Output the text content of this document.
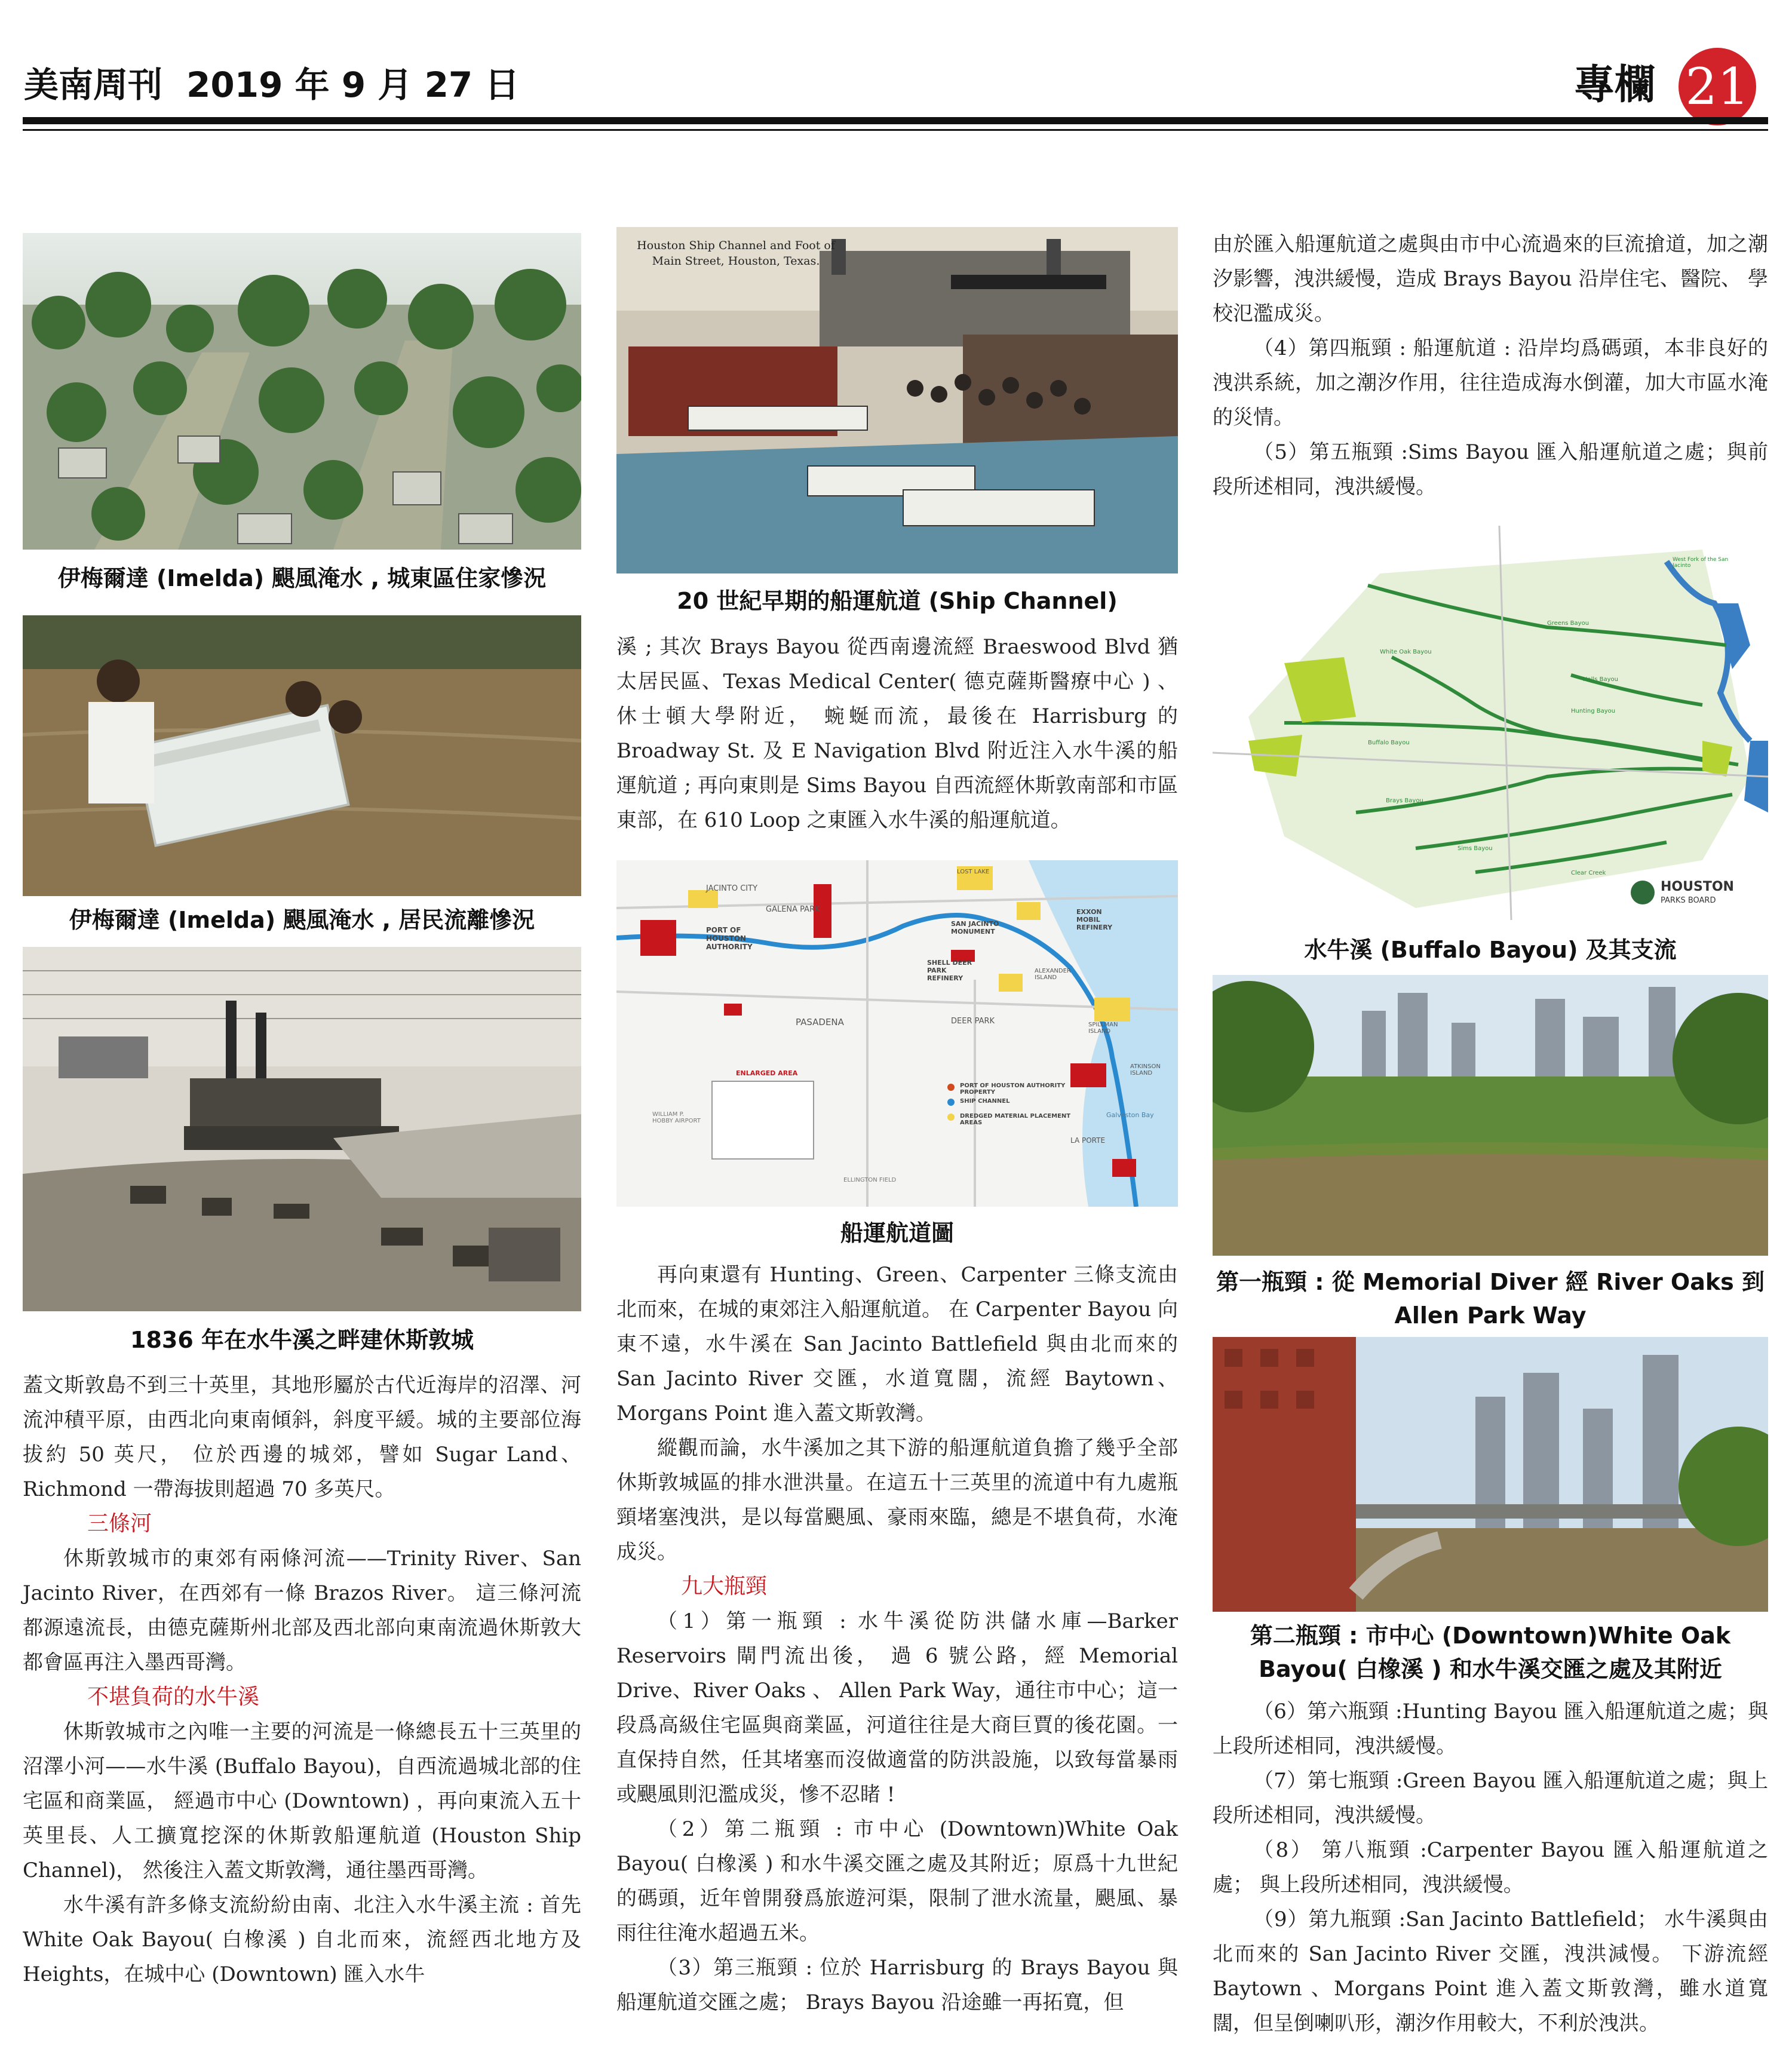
美南周刊 2019 年 9 月 27 日	專欄 21
伊梅爾達 (Imelda) 颶風淹水 , 城東區住家慘況
伊梅爾達 (Imelda) 颶風淹水 , 居民流離慘況
1836 年在水牛溪之畔建休斯敦城

蓋文斯敦島不到三十英里，其地形屬於古代近海岸的沼澤、河流沖積平原，由西北向東南傾斜，斜度平緩。城的主要部位海拔約 50 英尺， 位於西邊的城郊，譬如 Sugar Land、Richmond 一帶海拔則超過 70 多英尺。

三條河

休斯敦城市的東郊有兩條河流——Trinity River、San Jacinto River，在西郊有一條 Brazos River。 這三條河流都源遠流長，由德克薩斯州北部及西北部向東南流過休斯敦大都會區再注入墨西哥灣。

不堪負荷的水牛溪

休斯敦城市之內唯一主要的河流是一條總長五十三英里的沼澤小河——水牛溪 (Buffalo Bayou)，自西流過城北部的住宅區和商業區， 經過市中心 (Downtown) ，再向東流入五十英里長、人工擴寬挖深的休斯敦船運航道 (Houston Ship Channel)， 然後注入蓋文斯敦灣，通往墨西哥灣。

水牛溪有許多條支流紛紛由南、北注入水牛溪主流 : 首先 White Oak Bayou( 白橡溪 ) 自北而來，流經西北地方及 Heights，在城中心 (Downtown) 匯入水牛

Houston Ship Channel and Foot of Main Street, Houston, Texas.
20 世紀早期的船運航道 (Ship Channel)

溪 ; 其次 Brays Bayou 從西南邊流經 Braeswood Blvd 猶太居民區、Texas Medical Center( 德克薩斯醫療中心 ) 、休士頓大學附近， 蜿蜒而流，最後在 Harrisburg 的 Broadway St. 及 E Navigation Blvd 附近注入水牛溪的船運航道 ; 再向東則是 Sims Bayou 自西流經休斯敦南部和市區東部，在 610 Loop 之東匯入水牛溪的船運航道。

JACINTO CITY
GALENA PARK
PORT OF HOUSTON AUTHORITY
PASADENA	DEER PARK
SHELL DEER PARK REFINERY
SAN JACINTO MONUMENT
EXXON MOBIL REFINERY
LOST LAKE
ALEXANDER ISLAND
SPILLMAN ISLAND
ATKINSON ISLAND
LA PORTE
Galveston Bay
ENLARGED AREA
WILLIAM P. HOBBY AIRPORT
ELLINGTON FIELD
PORT OF HOUSTON AUTHORITY PROPERTY
SHIP CHANNEL
DREDGED MATERIAL PLACEMENT AREAS
船運航道圖

再向東還有 Hunting、Green、Carpenter 三條支流由北而來，在城的東郊注入船運航道。 在 Carpenter Bayou 向東不遠，水牛溪在 San Jacinto Battlefield 與由北而來的 San Jacinto River 交匯，水道寬闊，流經 Baytown、Morgans Point 進入蓋文斯敦灣。

縱觀而論，水牛溪加之其下游的船運航道負擔了幾乎全部休斯敦城區的排水泄洪量。在這五十三英里的流道中有九處瓶頸堵塞洩洪，是以每當颶風、豪雨來臨，總是不堪負荷，水淹成災。

九大瓶頸

（1）第一瓶頸 : 水牛溪從防洪儲水庫—Barker Reservoirs 閘門流出後， 過 6 號公路，經 Memorial Drive、River Oaks 、 Allen Park Way，通往市中心；這一段爲高級住宅區與商業區，河道往往是大商巨賈的後花園。一直保持自然，任其堵塞而沒做適當的防洪設施，以致每當暴雨或颶風則氾濫成災，慘不忍睹 !

（2）第二瓶頸 : 市中心 (Downtown)White Oak Bayou( 白橡溪 ) 和水牛溪交匯之處及其附近；原爲十九世紀的碼頭，近年曾開發爲旅遊河渠，限制了泄水流量，颶風、暴雨往往淹水超過五米。

（3）第三瓶頸 : 位於 Harrisburg 的 Brays Bayou 與船運航道交匯之處； Brays Bayou 沿途雖一再拓寬，但

由於匯入船運航道之處與由市中心流過來的巨流搶道，加之潮汐影響，洩洪緩慢，造成 Brays Bayou 沿岸住宅、醫院、 學校氾濫成災。

（4）第四瓶頸 : 船運航道 : 沿岸均爲碼頭，本非良好的洩洪系統，加之潮汐作用，往往造成海水倒灌，加大市區水淹的災情。

（5）第五瓶頸 :Sims Bayou 匯入船運航道之處；與前段所述相同，洩洪緩慢。

West Fork of the San Jacinto
Greens Bayou
White Oak Bayou
Halls Bayou
Hunting Bayou
Buffalo Bayou
Brays Bayou
Sims Bayou
Clear Creek
HOUSTON
PARKS BOARD
水牛溪 (Buffalo Bayou) 及其支流
第一瓶頸 : 從 Memorial Diver 經 River Oaks 到 Allen Park Way
第二瓶頸 : 市中心 (Downtown)White Oak Bayou( 白橡溪 ) 和水牛溪交匯之處及其附近

（6）第六瓶頸 :Hunting Bayou 匯入船運航道之處；與上段所述相同，洩洪緩慢。

（7）第七瓶頸 :Green Bayou 匯入船運航道之處；與上段所述相同，洩洪緩慢。

（8） 第八瓶頸 :Carpenter Bayou 匯入船運航道之處； 與上段所述相同，洩洪緩慢。

（9）第九瓶頸 :San Jacinto Battlefield； 水牛溪與由北而來的 San Jacinto River 交匯，洩洪減慢。 下游流經 Baytown 、Morgans Point 進入蓋文斯敦灣，雖水道寬闊，但呈倒喇叭形，潮汐作用較大，不利於洩洪。
